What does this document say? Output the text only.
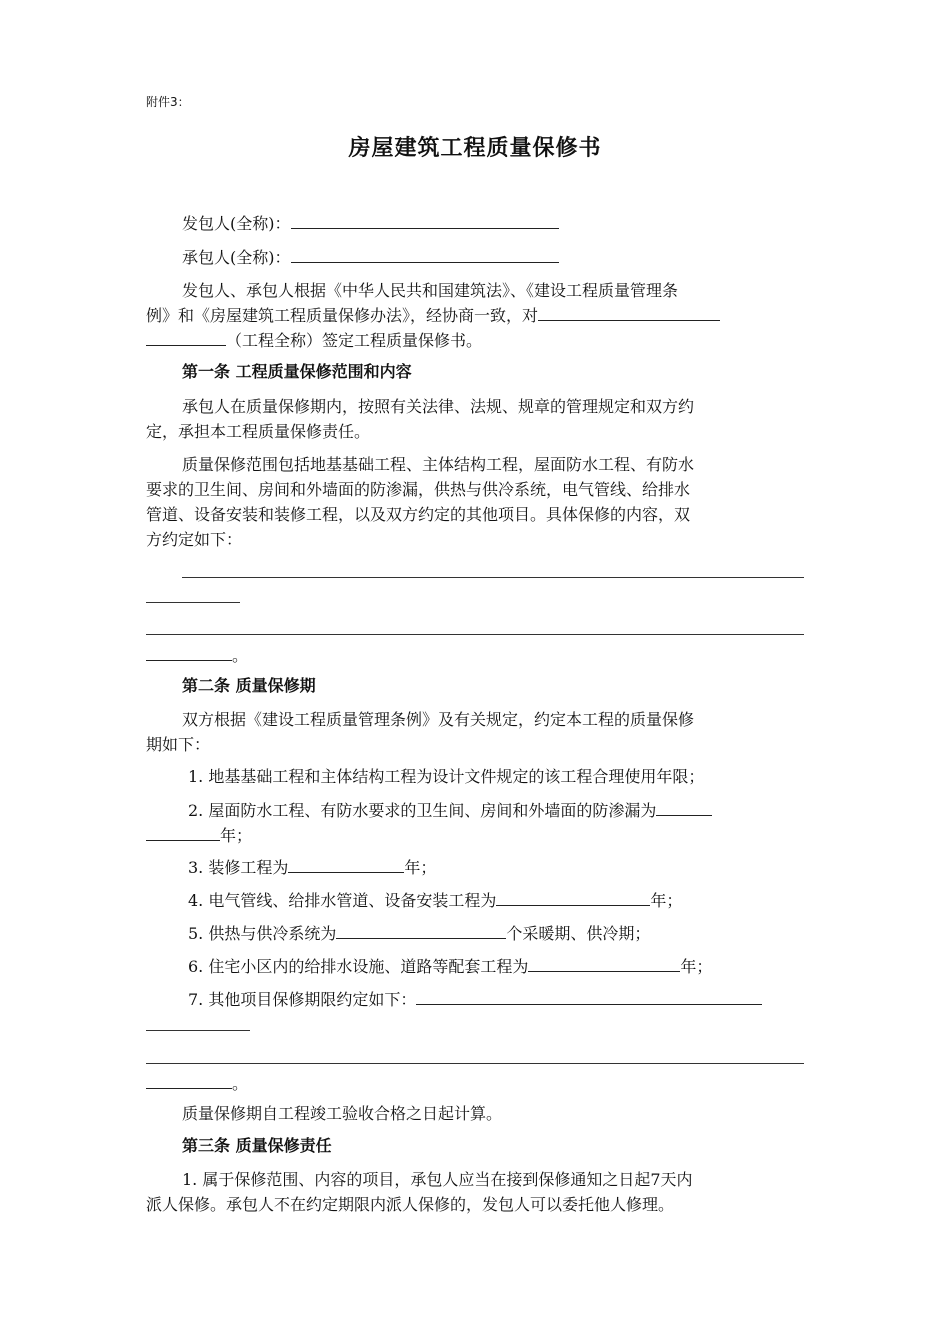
附件3：
房屋建筑工程质量保修书
发包人(全称)：
承包人(全称)：
发包人、承包人根据《中华人民共和国建筑法》、《建设工程质量管理条
例》和《房屋建筑工程质量保修办法》，经协商一致，对
（工程全称）签定工程质量保修书。
第一条 工程质量保修范围和内容
承包人在质量保修期内，按照有关法律、法规、规章的管理规定和双方约
定，承担本工程质量保修责任。
质量保修范围包括地基基础工程、主体结构工程，屋面防水工程、有防水
要求的卫生间、房间和外墙面的防渗漏，供热与供冷系统，电气管线、给排水
管道、设备安装和装修工程，以及双方约定的其他项目。具体保修的内容，双
方约定如下：
。
第二条 质量保修期
双方根据《建设工程质量管理条例》及有关规定，约定本工程的质量保修
期如下：
1. 地基基础工程和主体结构工程为设计文件规定的该工程合理使用年限；
2. 屋面防水工程、有防水要求的卫生间、房间和外墙面的防渗漏为
年；
3. 装修工程为	年；
4. 电气管线、给排水管道、设备安装工程为	年；
5. 供热与供冷系统为	个采暖期、供冷期；
6. 住宅小区内的给排水设施、道路等配套工程为	年；
7. 其他项目保修期限约定如下：
。
质量保修期自工程竣工验收合格之日起计算。
第三条 质量保修责任
1. 属于保修范围、内容的项目，承包人应当在接到保修通知之日起7天内
派人保修。承包人不在约定期限内派人保修的，发包人可以委托他人修理。
